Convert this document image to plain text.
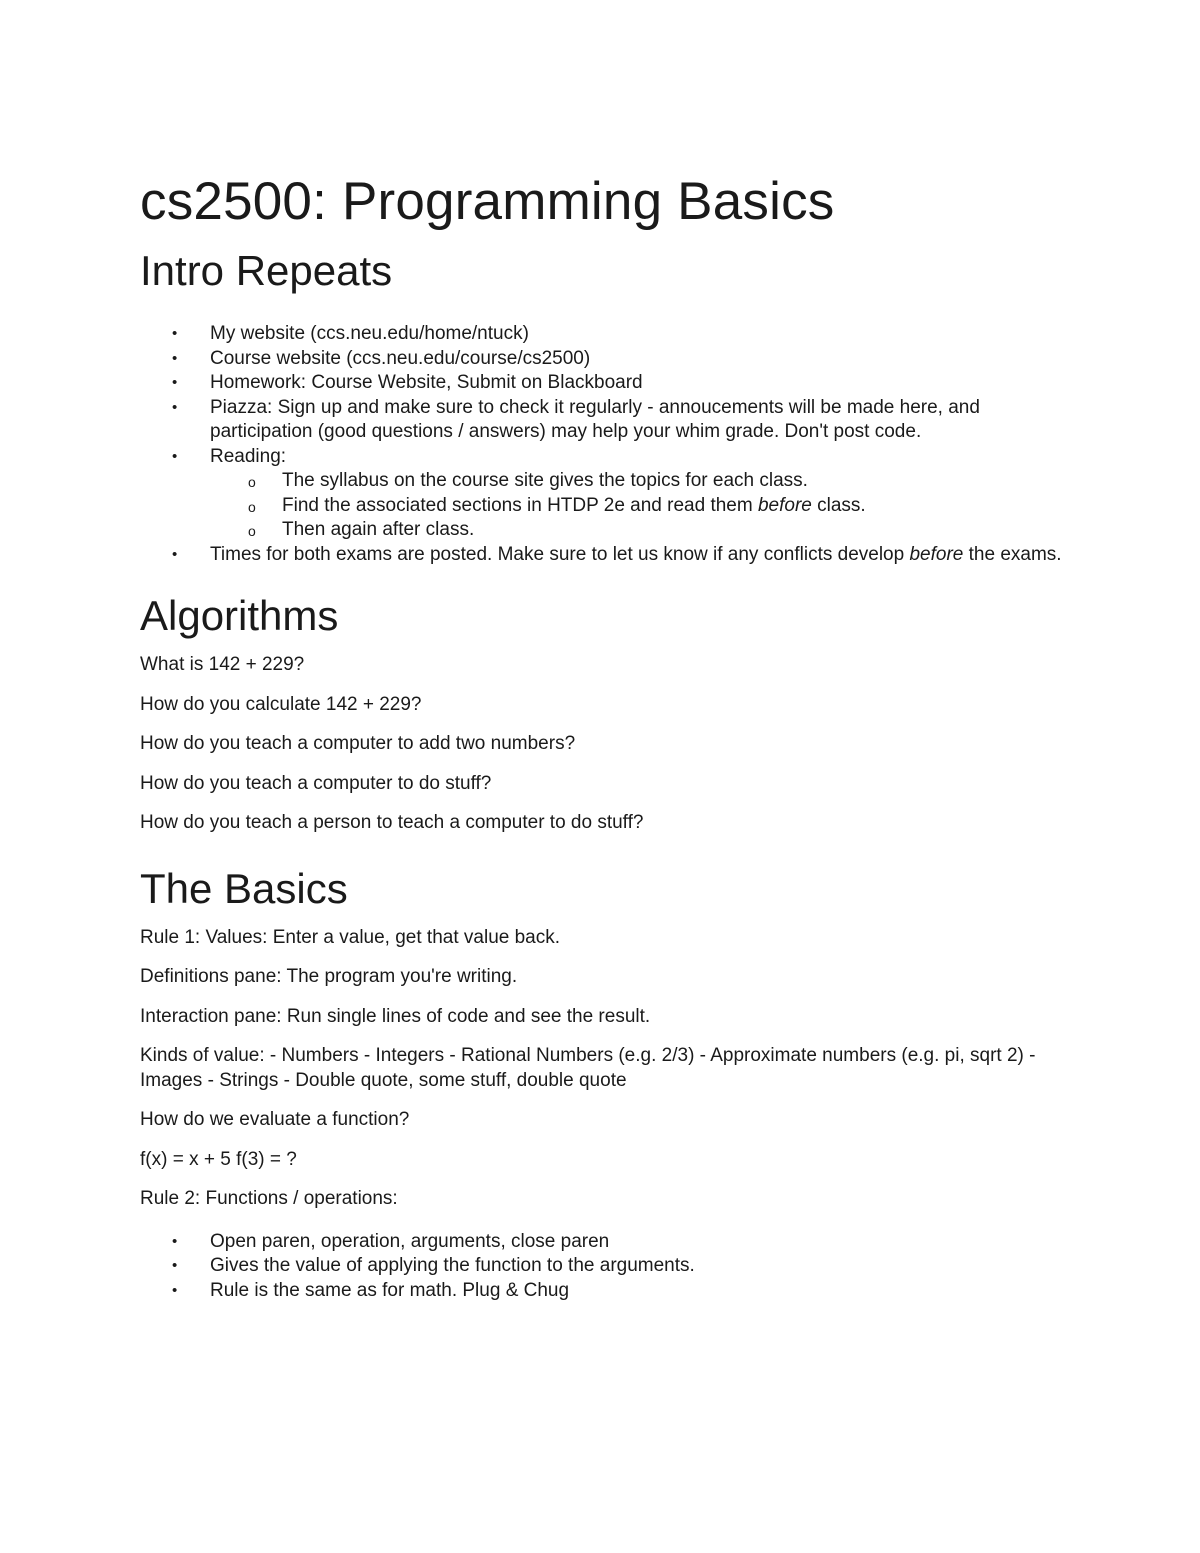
cs2500: Programming Basics
Intro Repeats
• My website (ccs.neu.edu/home/ntuck)
• Course website (ccs.neu.edu/course/cs2500)
• Homework: Course Website, Submit on Blackboard
• Piazza: Sign up and make sure to check it regularly - annoucements will be made here, and participation (good questions / answers) may help your whim grade. Don't post code.
• Reading:
o The syllabus on the course site gives the topics for each class.
o Find the associated sections in HTDP 2e and read them before class.
o Then again after class.
• Times for both exams are posted. Make sure to let us know if any conflicts develop before the exams.
Algorithms

What is 142 + 229?

How do you calculate 142 + 229?

How do you teach a computer to add two numbers?

How do you teach a computer to do stuff?

How do you teach a person to teach a computer to do stuff?

The Basics

Rule 1: Values: Enter a value, get that value back.

Definitions pane: The program you're writing.

Interaction pane: Run single lines of code and see the result.

Kinds of value: - Numbers - Integers - Rational Numbers (e.g. 2/3) - Approximate numbers (e.g. pi, sqrt 2) - Images - Strings - Double quote, some stuff, double quote

How do we evaluate a function?

f(x) = x + 5 f(3) = ?

Rule 2: Functions / operations:

• Open paren, operation, arguments, close paren
• Gives the value of applying the function to the arguments.
• Rule is the same as for math. Plug & Chug
